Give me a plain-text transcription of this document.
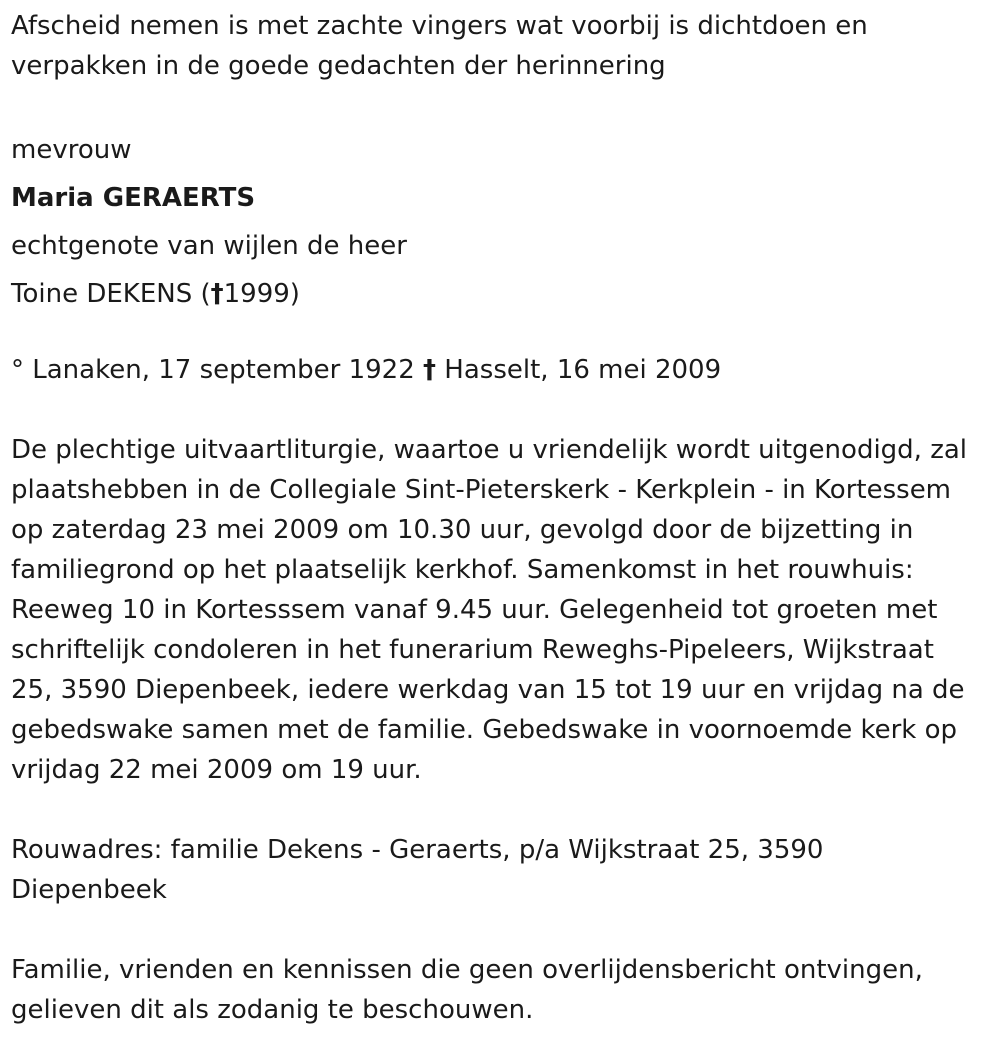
Afscheid nemen is met zachte vingers wat voorbij is dichtdoen en
verpakken in de goede gedachten der herinnering

mevrouw
Maria GERAERTS
echtgenote van wijlen de heer
Toine DEKENS (†1999)

° Lanaken, 17 september 1922 † Hasselt, 16 mei 2009

De plechtige uitvaartliturgie, waartoe u vriendelijk wordt uitgenodigd, zal
plaatshebben in de Collegiale Sint-Pieterskerk - Kerkplein - in Kortessem
op zaterdag 23 mei 2009 om 10.30 uur, gevolgd door de bijzetting in
familiegrond op het plaatselijk kerkhof. Samenkomst in het rouwhuis:
Reeweg 10 in Kortesssem vanaf 9.45 uur. Gelegenheid tot groeten met
schriftelijk condoleren in het funerarium Reweghs-Pipeleers, Wijkstraat
25, 3590 Diepenbeek, iedere werkdag van 15 tot 19 uur en vrijdag na de
gebedswake samen met de familie. Gebedswake in voornoemde kerk op
vrijdag 22 mei 2009 om 19 uur.

Rouwadres: familie Dekens - Geraerts, p/a Wijkstraat 25, 3590
Diepenbeek

Familie, vrienden en kennissen die geen overlijdensbericht ontvingen,
gelieven dit als zodanig te beschouwen.
